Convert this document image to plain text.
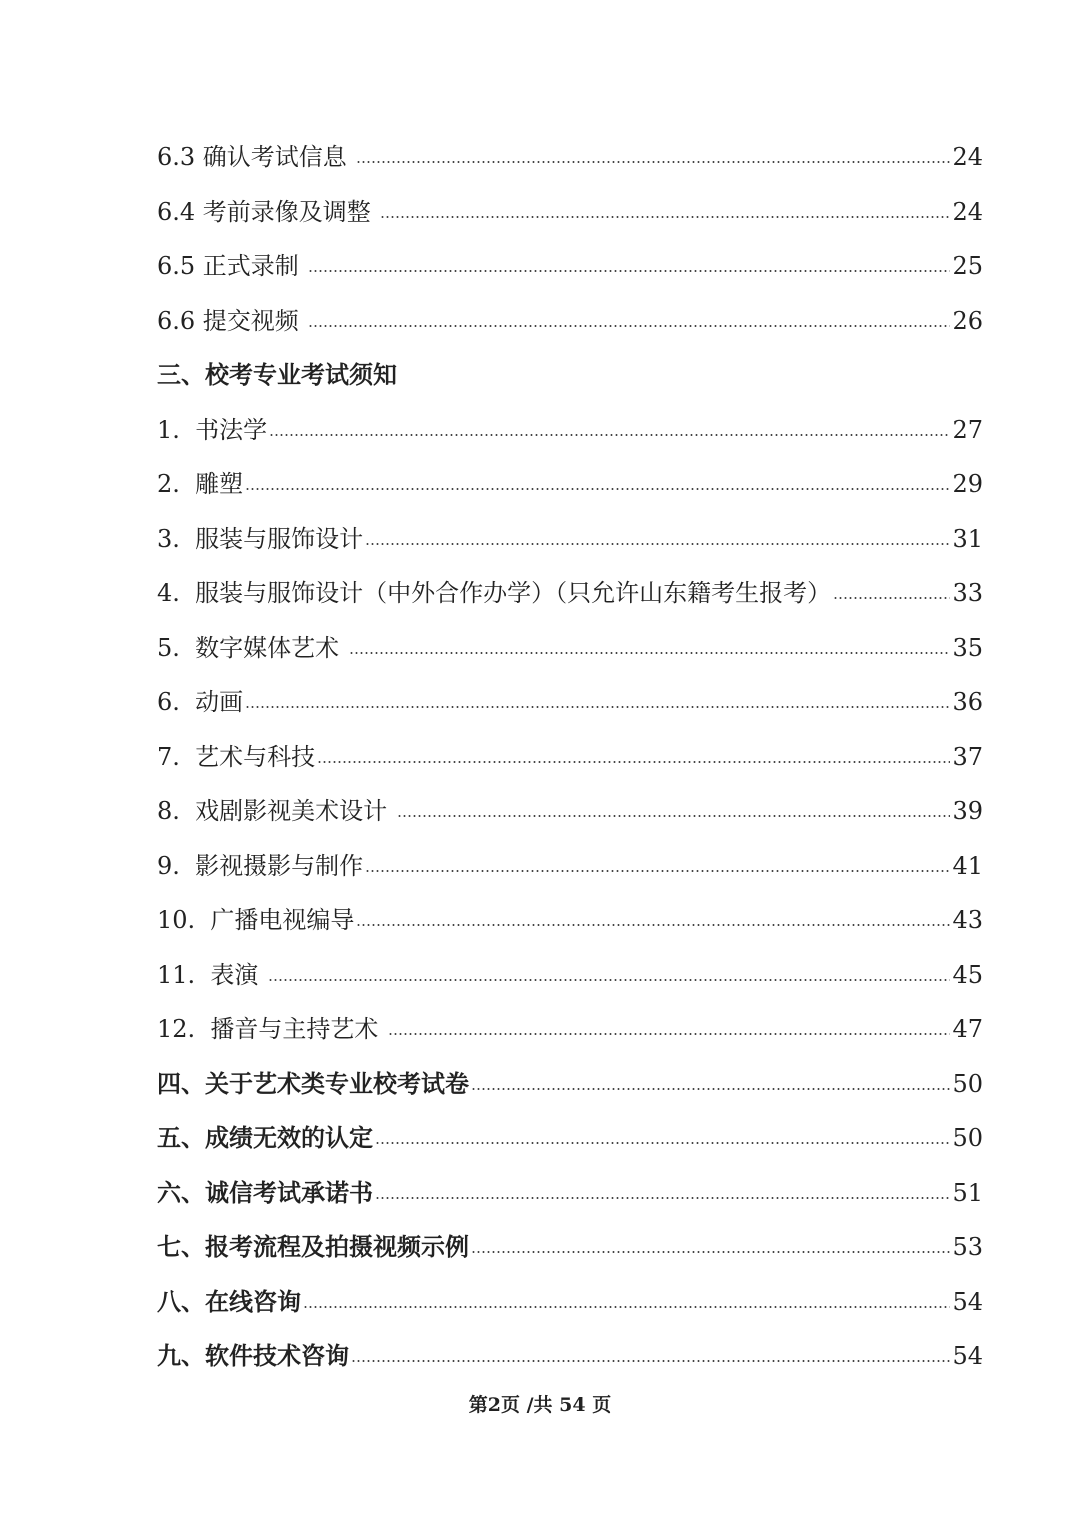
6.3 确认考试信息	24
6.4 考前录像及调整	24
6.5 正式录制	25
6.6 提交视频	26
三、校考专业考试须知
1.  书法学	27
2.  雕塑	29
3.  服装与服饰设计	31
4.  服装与服饰设计（中外合作办学）（只允许山东籍考生报考）	33
5.  数字媒体艺术	35
6.  动画	36
7.  艺术与科技	37
8.  戏剧影视美术设计	39
9.  影视摄影与制作	41
10.  广播电视编导	43
11.  表演	45
12.  播音与主持艺术	47
四、关于艺术类专业校考试卷	50
五、成绩无效的认定	50
六、诚信考试承诺书	51
七、报考流程及拍摄视频示例	53
八、在线咨询	54
九、软件技术咨询	54
第2页 /共 54 页
